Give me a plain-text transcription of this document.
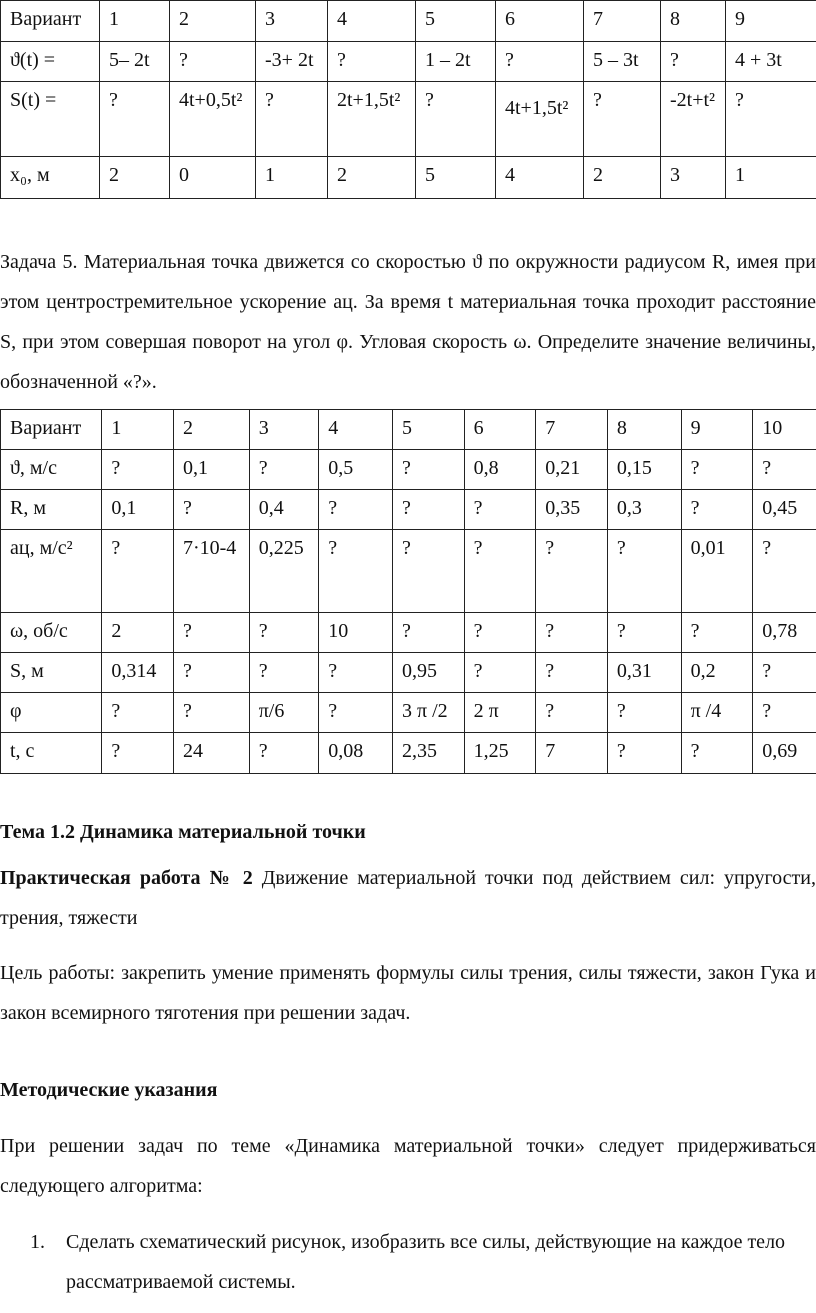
Вариант	1	2	3	4	5	6	7	8	9
ϑ(t) =	5– 2t	?	-3+ 2t	?	1 – 2t	?	5 – 3t	?	4 + 3t
S(t) =	?	4t+0,5t²	?	2t+1,5t²	?	4t+1,5t²	?	-2t+t²	?
x₀, м	2	0	1	2	5	4	2	3	1

Задача 5. Материальная точка движется со скоростью ϑ по окружности радиусом R, имея при этом центростремительное ускорение aц. За время t материальная точка проходит расстояние S, при этом совершая поворот на угол φ. Угловая скорость ω. Определите значение величины, обозначенной «?».

Вариант	1	2	3	4	5	6	7	8	9	10
ϑ, м/с	?	0,1	?	0,5	?	0,8	0,21	0,15	?	?
R, м	0,1	?	0,4	?	?	?	0,35	0,3	?	0,45
aц, м/с²	?	7·10-4	0,225	?	?	?	?	?	0,01	?
ω, об/с	2	?	?	10	?	?	?	?	?	0,78
S, м	0,314	?	?	?	0,95	?	?	0,31	0,2	?
φ	?	?	π/6	?	3 π /2	2 π	?	?	π /4	?
t, с	?	24	?	0,08	2,35	1,25	7	?	?	0,69

Тема 1.2 Динамика материальной точки

Практическая работа № 2 Движение материальной точки под действием сил: упругости, трения, тяжести

Цель работы: закрепить умение применять формулы силы трения, силы тяжести, закон Гука и закон всемирного тяготения при решении задач.

Методические указания

При решении задач по теме «Динамика материальной точки» следует придерживаться следующего алгоритма:

1.	Сделать схематический рисунок, изобразить все силы, действующие на каждое тело рассматриваемой системы.
